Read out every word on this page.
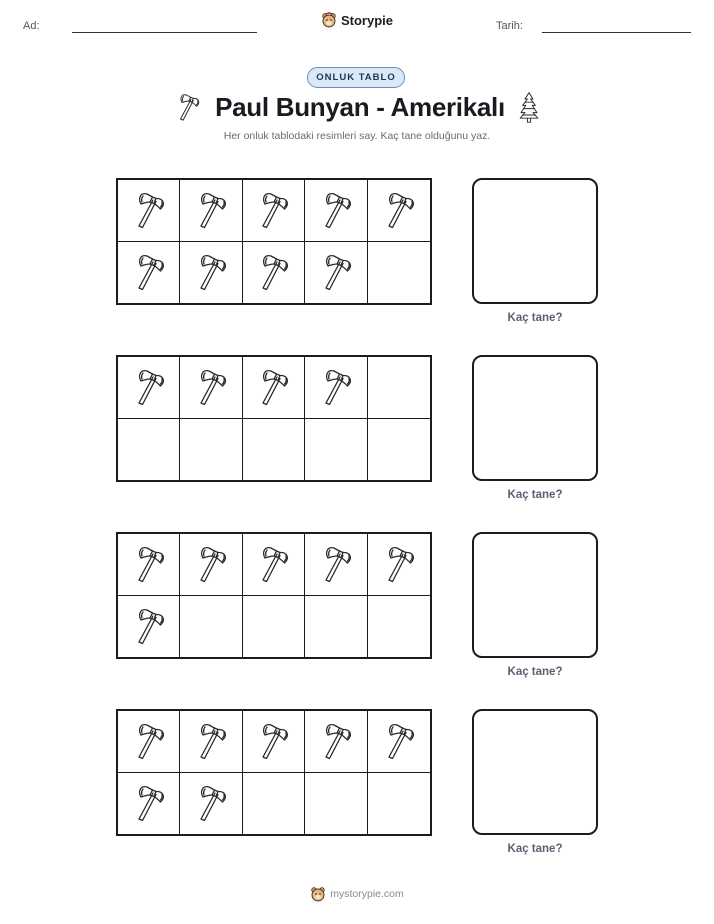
Ad:	Storypie	Tarih:
ONLUK TABLO
Paul Bunyan - Amerikalı
Her onluk tablodaki resimleri say. Kaç tane olduğunu yaz.
Kaç tane?
Kaç tane?
Kaç tane?
Kaç tane?
mystorypie.com
